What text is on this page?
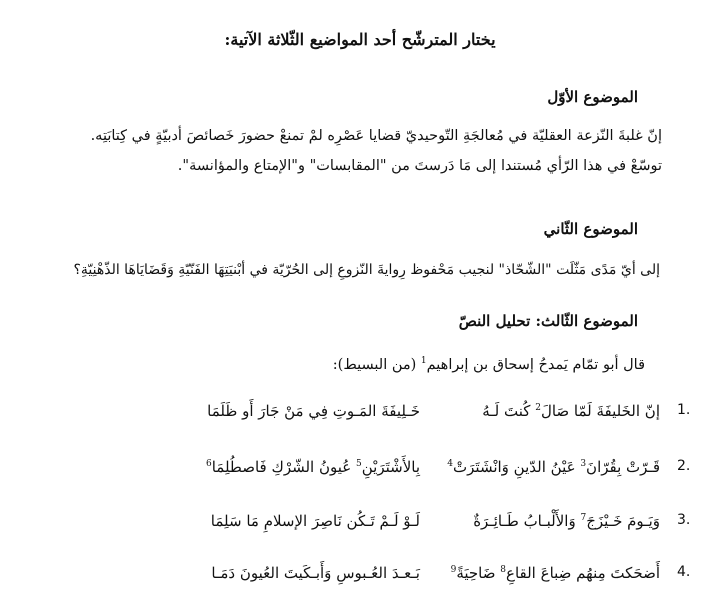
يختار المترشّح أحد المواضيع الثّلاثة الآتية:
الموضوع الأوّل
إنّ غلبةَ النّزعة العقليّة في مُعالجَةِ التّوحيديّ قضايا عَصْرِه لمْ تمنعْ حضورَ خَصائصَ أدبيّةٍ في كِتابَتِه.
توسّعْ في هذا الرّأي مُستندا إلى مَا دَرستَ من "المقابسات" و"الإمتاع والمؤانسة".
الموضوع الثّاني
إلى أيّ مَدًى مَثّلَت "الشّحّاذ" لنجيب مَحْفوظ رِوايةَ النّزوعِ إلى الحُرّيّة في أبْنيَتِهَا الفَنّيّةِ وَقَضَايَاهَا الذّهْنِيّةِ؟
الموضوع الثّالث: تحليل النصّ
قال أبو تمّام يَمدحُ إسحاق بن إبراهيم$^1$ (من البسيط):
1.
إنّ الخَليفَةَ لَمّا صَالَ$^2$ كُنتَ لَـهُ
خَـلِيفَةَ المَـوتِ فِي مَنْ جَارَ أَو ظَلَمَا
2.
قَـرّتْ بِقُرّانَ$^3$ عَيْنُ الدّينِ وَانْشَتَرَتْ$^4$
بِالأَشْتَرَيْنِ$^5$ عُيونُ الشّرْكِ فَاصطُلِمَا$^6$
3.
وَيَـومَ خَـيْزَجَ$^7$ وَالأَلْبـابُ طَـائِـرَةٌ
لَـوْ لَـمْ تَـكُن نَاصِرَ الإسلامِ مَا سَلِمَا
4.
أَضحَكتَ مِنهُم ضِباعَ القاعِ$^8$ ضَاحِيَةً$^9$
بَـعـدَ العُـبوسِ وَأَبـكَيتَ العُيونَ دَمَـا
